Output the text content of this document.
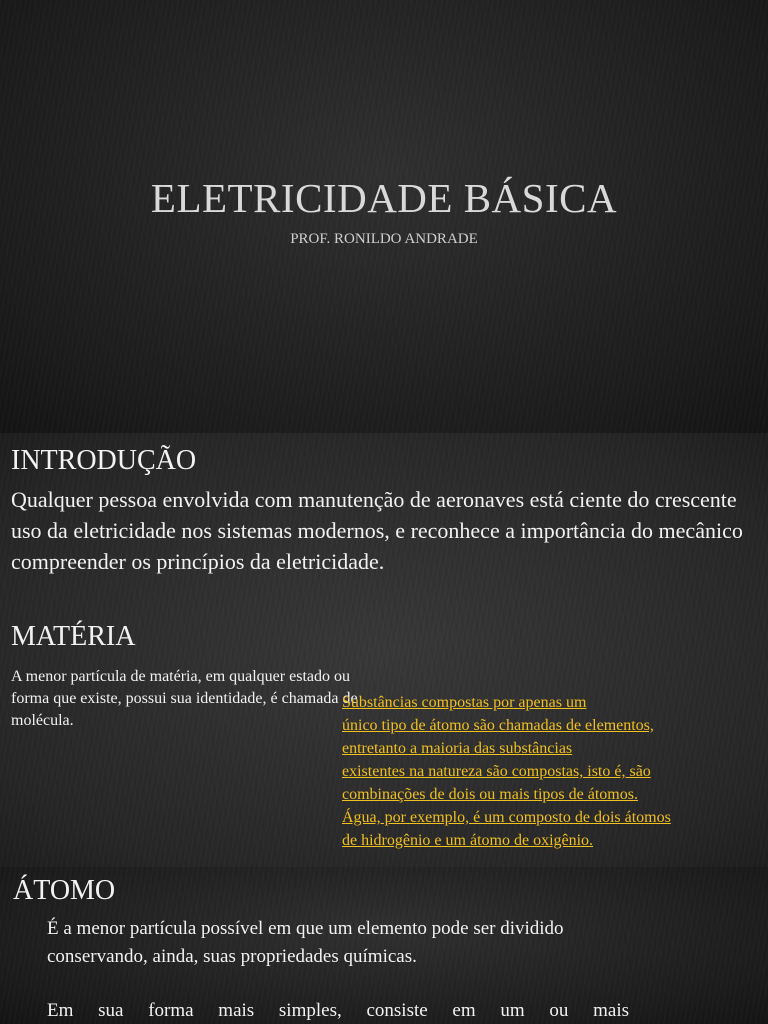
ELETRICIDADE BÁSICA

PROF. RONILDO ANDRADE

INTRODUÇÃO

Qualquer pessoa envolvida com manutenção de aeronaves está ciente do crescente uso da eletricidade nos sistemas modernos, e reconhece a importância do mecânico compreender os princípios da eletricidade.

MATÉRIA

A menor partícula de matéria, em qualquer estado ou forma que existe, possui sua identidade, é chamada de molécula.

Substâncias compostas por apenas um
único tipo de átomo são chamadas de elementos,
entretanto a maioria das substâncias
existentes na natureza são compostas, isto é, são
combinações de dois ou mais tipos de átomos.
Água, por exemplo, é um composto de dois átomos
de hidrogênio e um átomo de oxigênio.

ÁTOMO

É a menor partícula possível em que um elemento pode ser dividido conservando, ainda, suas propriedades químicas.

Em sua forma mais simples, consiste em um ou mais
